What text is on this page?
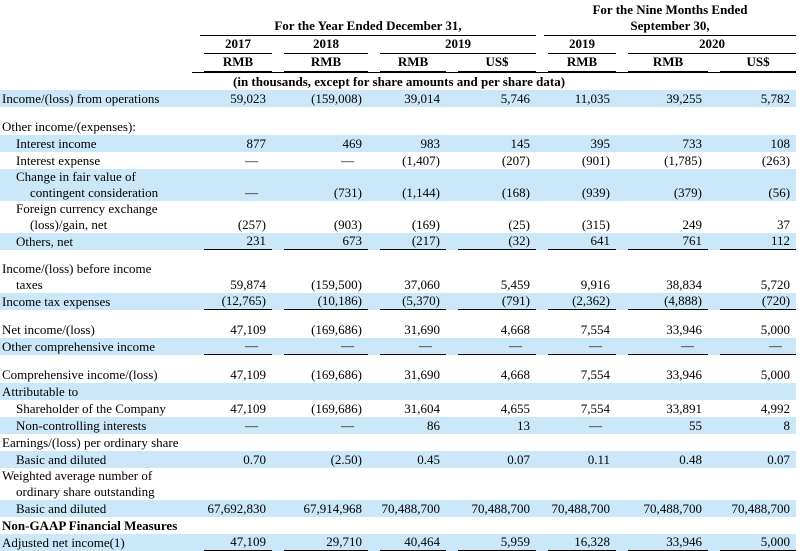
					For the Nine Months Ended		

	For the Year Ended December 31,				September 30,		

	2017	2018	2019		2019	2020	

	RMB	RMB	RMB	US$	RMB	RMB	US$

	(in thousands, except for share amounts and per share data)						

Income/(loss) from operations	59,023	(159,008)	39,014	5,746	11,035	39,255	5,782

Other income/(expenses):							

Interest income	877	469	983	145	395	733	108

Interest expense	—	—	(1,407)	(207)	(901)	(1,785)	(263)

Change in fair value of
contingent consideration	—	(731)	(1,144)	(168)	(939)	(379)	(56)

Foreign currency exchange
(loss)/gain, net	(257)	(903)	(169)	(25)	(315)	249	37

Others, net	231	673	(217)	(32)	641	761	112

Income/(loss) before income
taxes	59,874	(159,500)	37,060	5,459	9,916	38,834	5,720

Income tax expenses	(12,765)	(10,186)	(5,370)	(791)	(2,362)	(4,888)	(720)

Net income/(loss)	47,109	(169,686)	31,690	4,668	7,554	33,946	5,000

Other comprehensive income	—	—	—	—	—	—	—

Comprehensive income/(loss)	47,109	(169,686)	31,690	4,668	7,554	33,946	5,000

Attributable to							

Shareholder of the Company	47,109	(169,686)	31,604	4,655	7,554	33,891	4,992

Non-controlling interests	—	—	86	13	—	55	8

Earnings/(loss) per ordinary share							

Basic and diluted	0.70	(2.50)	0.45	0.07	0.11	0.48	0.07

Weighted average number of
ordinary share outstanding							

Basic and diluted	67,692,830	67,914,968	70,488,700	70,488,700	70,488,700	70,488,700	70,488,700

Non-GAAP Financial Measures							

Adjusted net income(1)	47,109	29,710	40,464	5,959	16,328	33,946	5,000
